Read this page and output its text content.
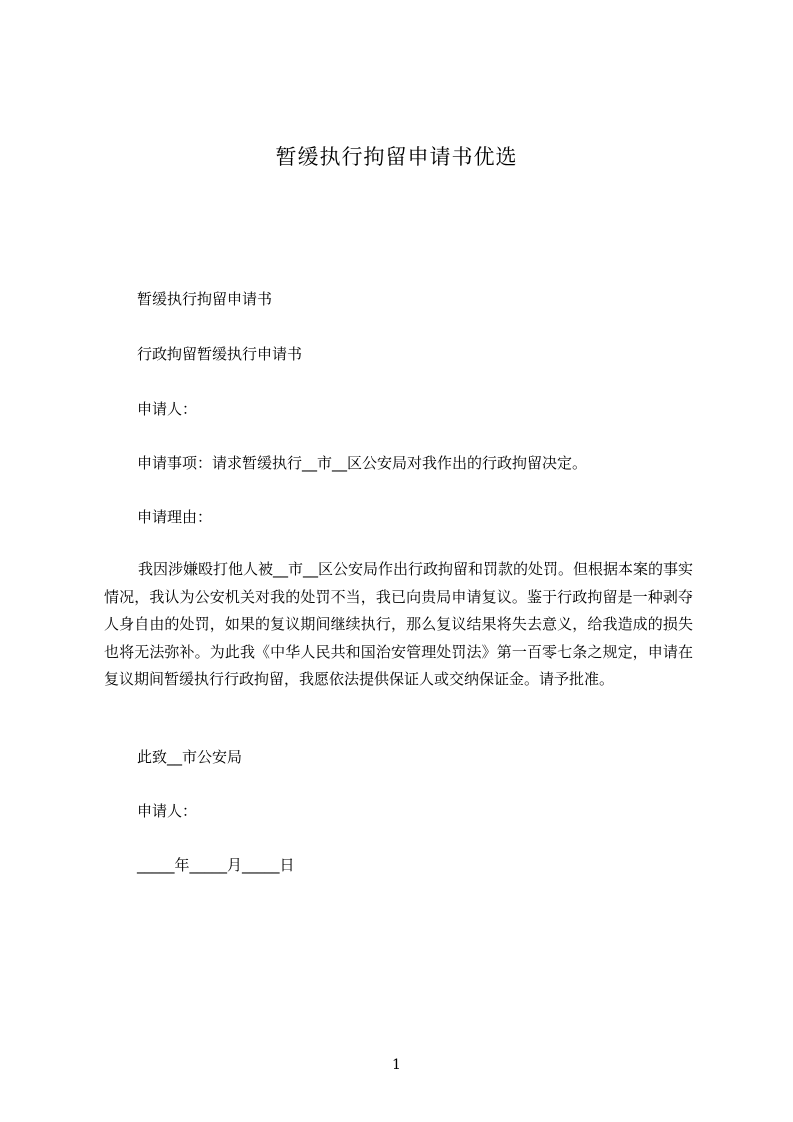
暂缓执行拘留申请书优选
暂缓执行拘留申请书
行政拘留暂缓执行申请书
申请人：
申请事项：请求暂缓执行__市__区公安局对我作出的行政拘留决定。
申请理由：
我因涉嫌殴打他人被__市__区公安局作出行政拘留和罚款的处罚。但根据本案的事实情况，我认为公安机关对我的处罚不当，我已向贵局申请复议。鉴于行政拘留是一种剥夺人身自由的处罚，如果的复议期间继续执行，那么复议结果将失去意义，给我造成的损失也将无法弥补。为此我《中华人民共和国治安管理处罚法》第一百零七条之规定，申请在复议期间暂缓执行行政拘留，我愿依法提供保证人或交纳保证金。请予批准。
此致__市公安局
申请人：
_____年_____月_____日
1
